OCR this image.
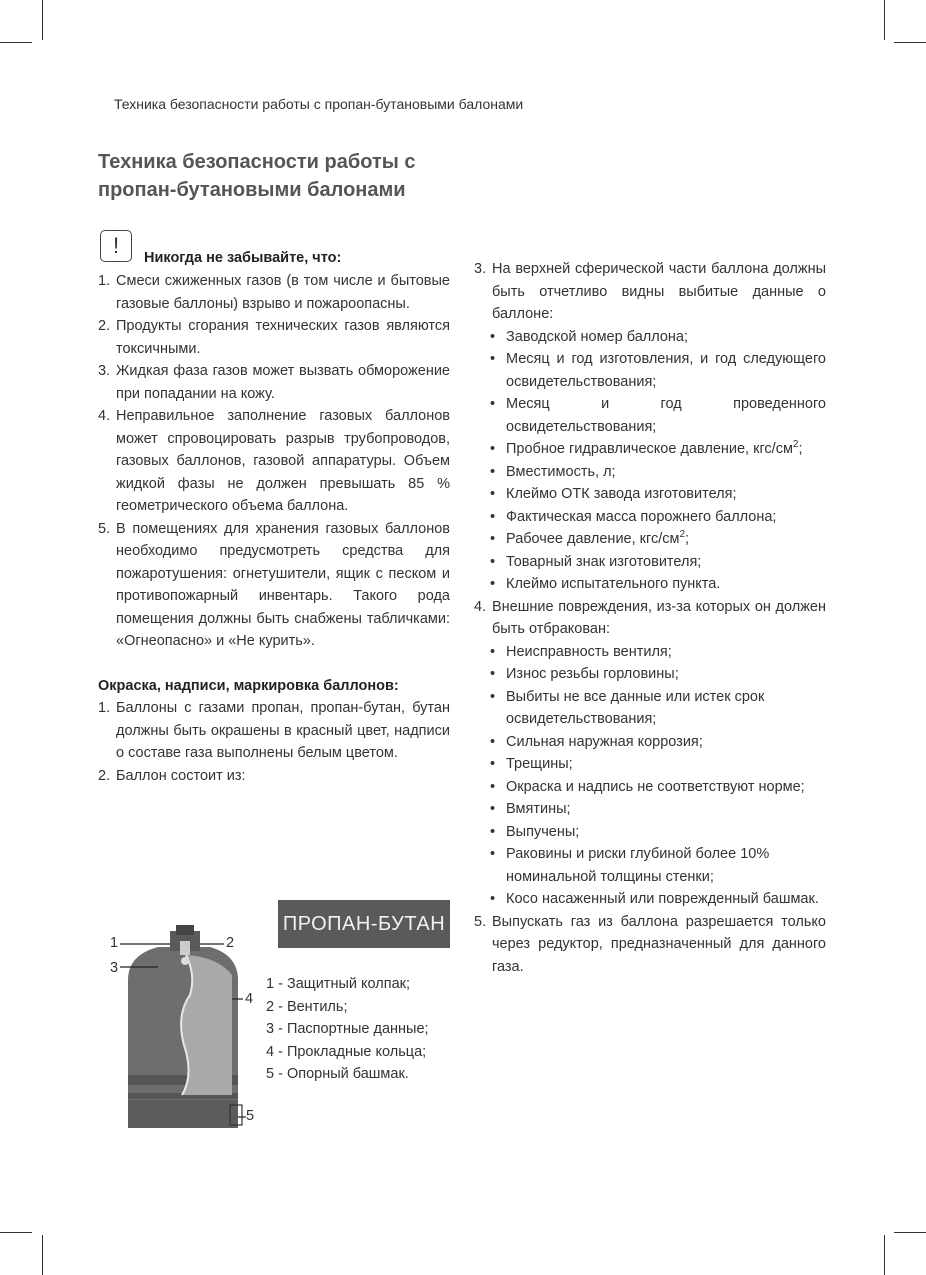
Техника безопасности работы с пропан-бутановыми балонами
Техника безопасности работы с пропан-бутановыми балонами
!	Никогда не забывайте, что:
1. Смеси сжиженных газов (в том числе и бытовые газовые баллоны) взрыво и пожароопасны.
2. Продукты сгорания технических газов являются токсичными.
3. Жидкая фаза газов может вызвать обморожение при попадании на кожу.
4. Неправильное заполнение газовых баллонов может спровоцировать разрыв трубопроводов, газовых баллонов, газовой аппаратуры. Объем жидкой фазы не должен превышать 85 % геометрического объема баллона.
5. В помещениях для хранения газовых баллонов необходимо предусмотреть средства для пожаротушения: огнетушители, ящик с песком и противопожарный инвентарь. Такого рода помещения должны быть снабжены табличками: «Огнеопасно» и «Не курить».
Окраска, надписи, маркировка баллонов:
1. Баллоны с газами пропан, пропан-бутан, бутан должны быть окрашены в красный цвет, надписи о составе газа выполнены белым цветом.
2. Баллон состоит из:
1	2
3
4
5
ПРОПАН-БУТАН
1 - Защитный колпак;
2 - Вентиль;
3 - Паспортные данные;
4 - Прокладные кольца;
5 - Опорный башмак.
3. На верхней сферической части баллона должны быть отчетливо видны выбитые данные о баллоне:
• Заводской номер баллона;
• Месяц и год изготовления, и год следующего освидетельствования;
• Месяц и год проведенного освидетельствования;
• Пробное гидравлическое давление, кгс/$см^2$;
• Вместимость, л;
• Клеймо ОТК завода изготовителя;
• Фактическая масса порожнего баллона;
• Рабочее давление, кгс/$см^2$;
• Товарный знак изготовителя;
• Клеймо испытательного пункта.
4. Внешние повреждения, из-за которых он должен быть отбракован:
• Неисправность вентиля;
• Износ резьбы горловины;
• Выбиты не все данные или истек срок освидетельствования;
• Сильная наружная коррозия;
• Трещины;
• Окраска и надпись не соответствуют норме;
• Вмятины;
• Выпучены;
• Раковины и риски глубиной более 10% номинальной толщины стенки;
• Косо насаженный или поврежденный башмак.
5. Выпускать газ из баллона разрешается только через редуктор, предназначенный для данного газа.
